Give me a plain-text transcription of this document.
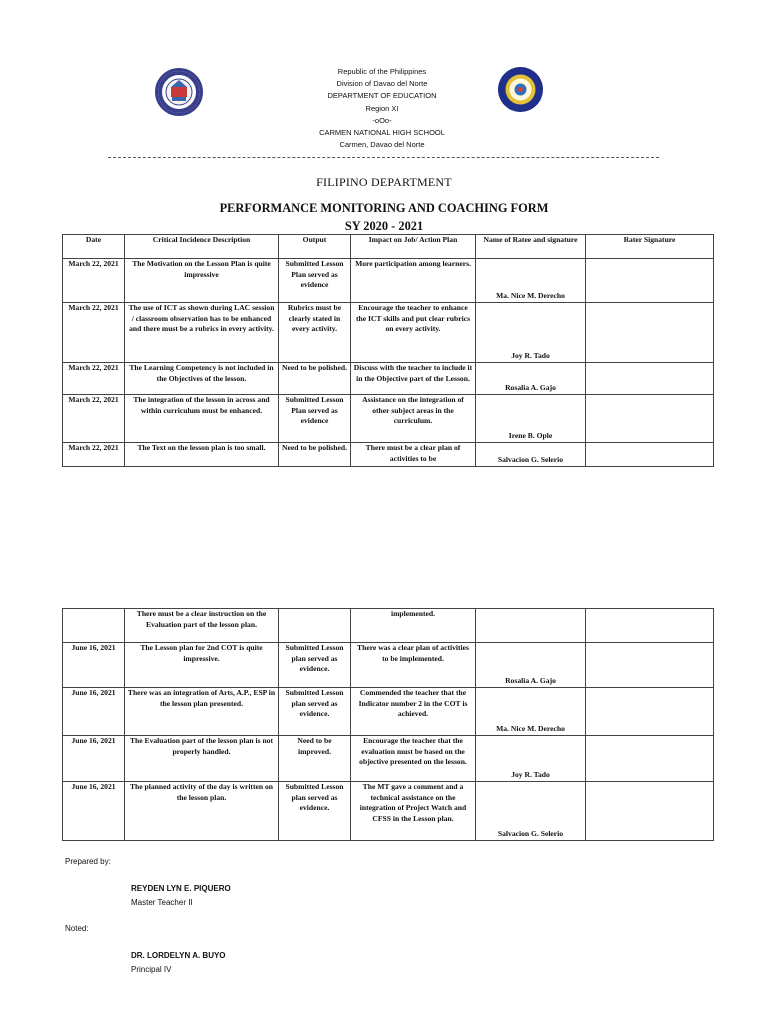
Republic of the Philippines
Division of Davao del Norte
DEPARTMENT OF EDUCATION
Region XI
-oOo-
CARMEN NATIONAL HIGH SCHOOL
Carmen, Davao del Norte
FILIPINO DEPARTMENT
PERFORMANCE MONITORING AND COACHING FORM
SY 2020 - 2021
Date	Critical Incidence Description	Output	Impact on Job/ Action Plan	Name of Ratee and signature	Rater Signature
March 22, 2021	The Motivation on the Lesson Plan is quite impressive	Submitted Lesson Plan served as evidence	More participation among learners.	Ma. Nice M. Derecho	
March 22, 2021	The use of ICT as shown during LAC session / classroom observation has to be enhanced and there must be a rubrics in every activity.	Rubrics must be clearly stated in every activity.	Encourage the teacher to enhance the ICT skills and put clear rubrics on every activity.	Joy R. Tado	
March 22, 2021	The Learning Competency is not included in the Objectives of the lesson.	Need to be polished.	Discuss with the teacher to include it in the Objective part of the Lesson.	Rosalia A. Gajo	
March 22, 2021	The integration of the lesson in across and within curriculum must be enhanced.	Submitted Lesson Plan served as evidence	Assistance on the integration of other subject areas in the curriculum.	Irene B. Ople	
March 22, 2021	The Text on the lesson plan is too small.	Need to be polished.	There must be a clear plan of activities to be	Salvacion G. Selerio	
	There must be a clear instruction on the Evaluation part of the lesson plan.		implemented.		
June 16, 2021	The Lesson plan for 2nd COT is quite impressive.	Submitted Lesson plan served as evidence.	There was a clear plan of activities to be implemented.	Rosalia A. Gajo	
June 16, 2021	There was an integration of Arts, A.P., ESP in the lesson plan presented.	Submitted Lesson plan served as evidence.	Commended the teacher that the Indicator number 2 in the COT is achieved.	Ma. Nice M. Derecho	
June 16, 2021	The Evaluation part of the lesson plan is not properly handled.	Need to be improved.	Encourage the teacher that the evaluation must be based on the objective presented on the lesson.	Joy R. Tado	
June 16, 2021	The planned activity of the day is written on the lesson plan.	Submitted Lesson plan served as evidence.	The MT gave a comment and a technical assistance on the integration of Project Watch and CFSS in the Lesson plan.	Salvacion G. Selerio	
Prepared by:
REYDEN LYN E. PIQUERO
Master Teacher II
Noted:
DR. LORDELYN A. BUYO
Principal IV
